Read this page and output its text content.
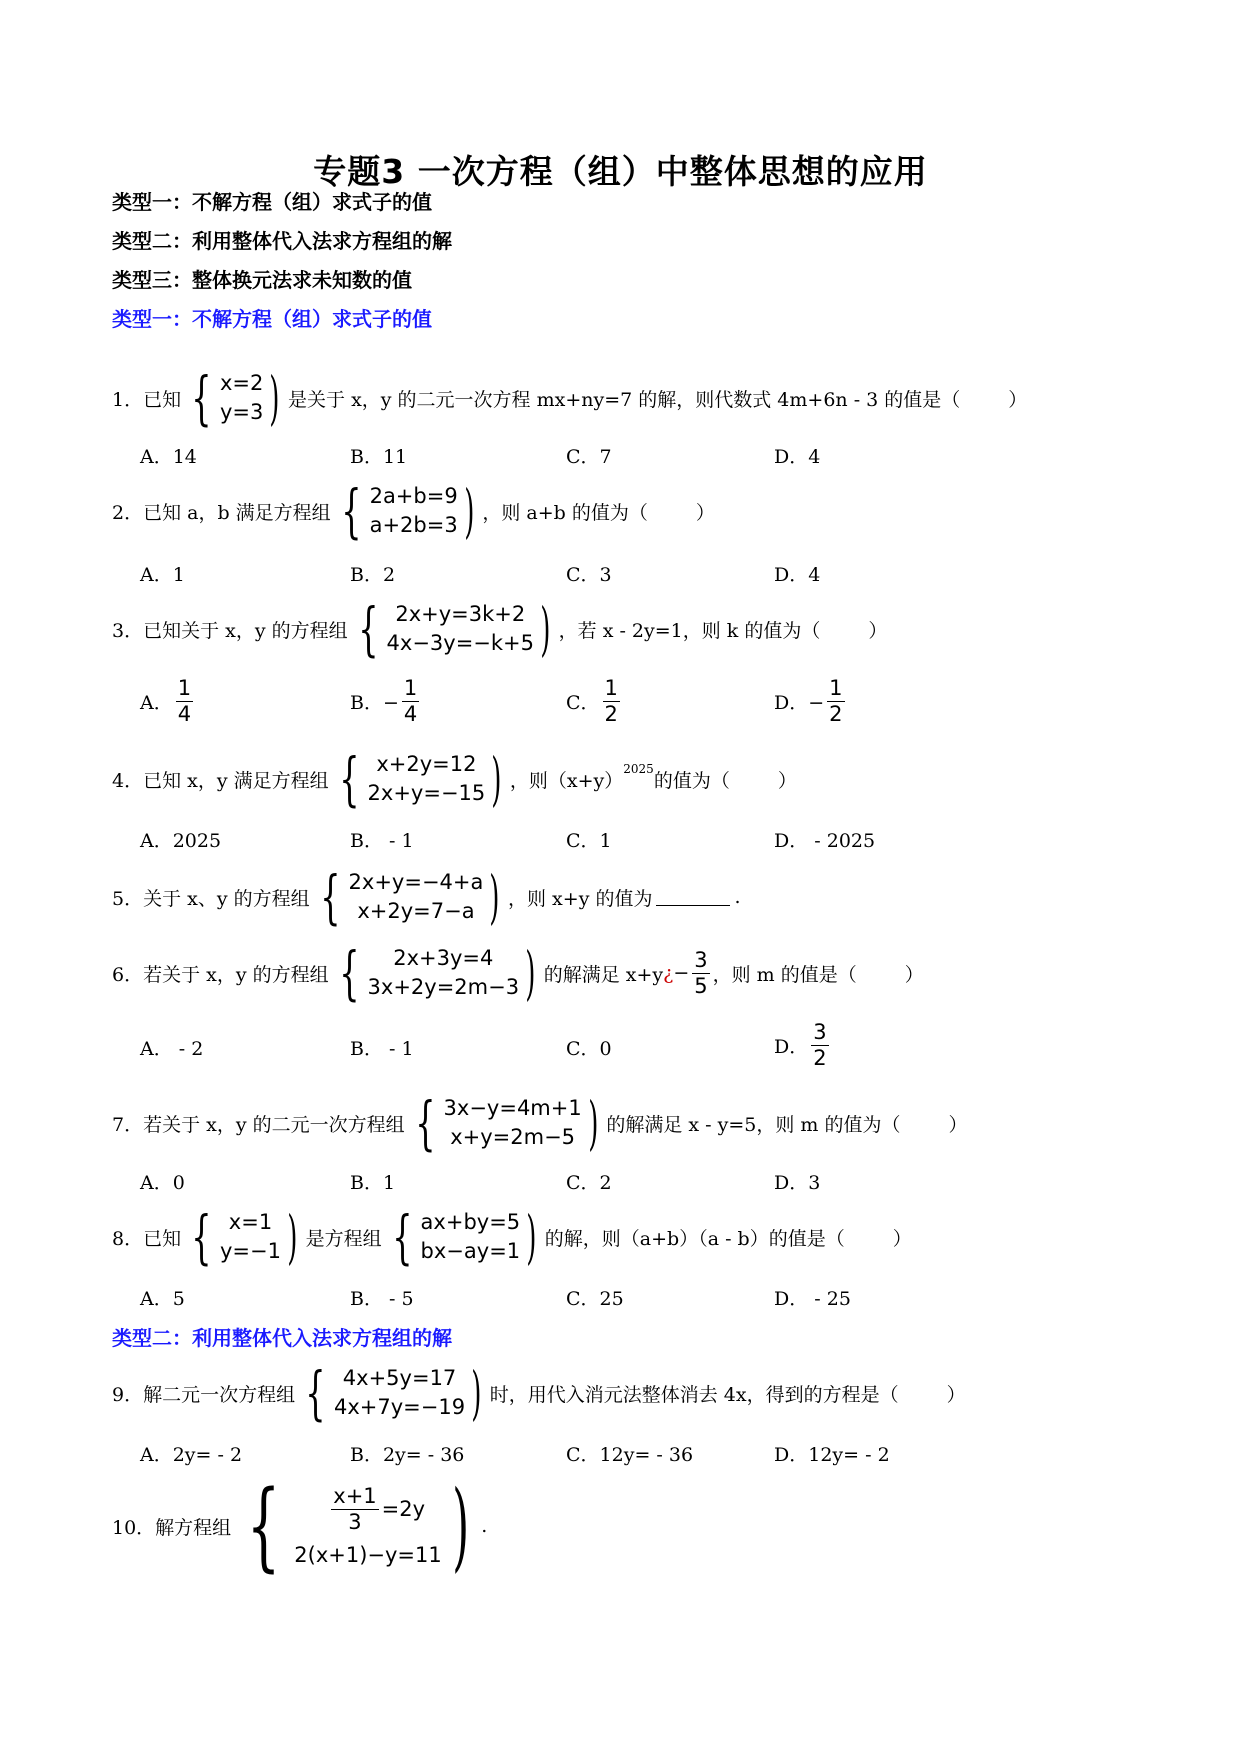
专题3 一次方程（组）中整体思想的应用
类型一：不解方程（组）求式子的值
类型二：利用整体代入法求方程组的解
类型三：整体换元法求未知数的值
类型一：不解方程（组）求式子的值
1．已知 { x=2
y=3 ) 是关于 x，y 的二元一次方程 mx+ny=7 的解，则代数式 4m+6n - 3 的值是（	）
A．14	B．11	C．7	D．4
2．已知 a，b 满足方程组 { 2a+b=9
a+2b=3 ) ，则 a+b 的值为（	）
A．1	B．2	C．3	D．4
3．已知关于 x，y 的方程组 { 2x+y=3k+2
4x−3y=−k+5 ) ，若 x - 2y=1，则 k 的值为（	）
A． $\frac{1}{4}$	B．− $\frac{1}{4}$	C． $\frac{1}{2}$	D．− $\frac{1}{2}$
4．已知 x，y 满足方程组 { x+2y=12
2x+y=−15 ) ，则（x+y）
$^{2025}$
的值为（	）
A．2025	B． - 1	C．1	D． - 2025
5．关于 x、y 的方程组 { 2x+y=−4+a
x+2y=7−a ) ，则 x+y 的值为	.
6．若关于 x，y 的方程组 {	2x+3y=4
3x+2y=2m−3 ) 的解满足 x+y ¿ − $\frac{3}{5}$ ，则 m 的值是（	）
A． - 2	B． - 1	C．0	D． $\frac{3}{2}$
7．若关于 x，y 的二元一次方程组 { 3x−y=4m+1
x+y=2m−5 ) 的解满足 x - y=5，则 m 的值为（	）
A．0	B．1	C．2	D．3
8．已知 { x=1
y=−1 ) 是方程组 { ax+by=5
bx−ay=1 ) 的解，则（a+b）（a - b）的值是（	）
A．5	B． - 5	C．25	D． - 25
类型二：利用整体代入法求方程组的解
9．解二元一次方程组 { 4x+5y=17
4x+7y=−19 ) 时，用代入消元法整体消去 4x，得到的方程是（	）
A．2y= - 2	B．2y= - 36	C．12y= - 36	D．12y= - 2
10．解方程组 { $\frac{x+1}{3} =2y$
2(x+1)−y=11 ) .
